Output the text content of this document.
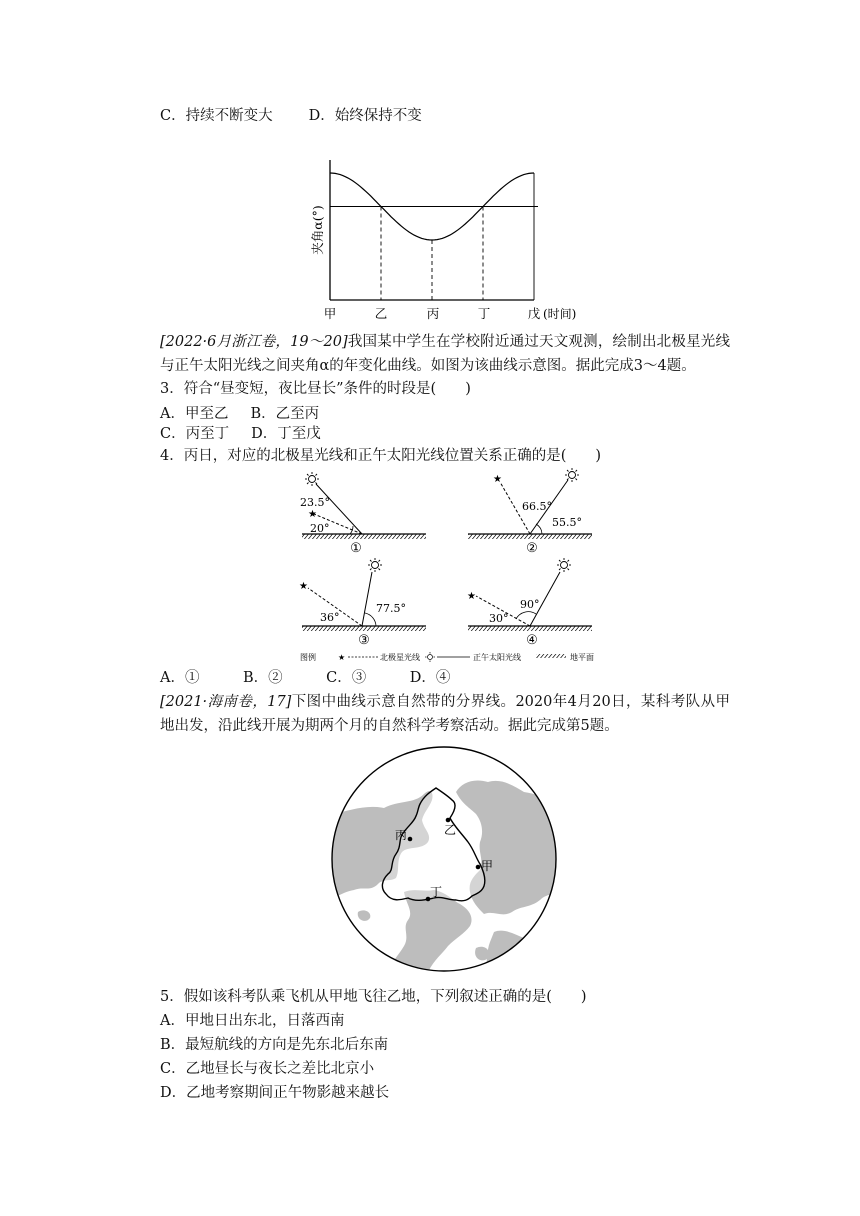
C．持续不断变大 D．始终保持不变
夹角α(°)
甲	乙	丙	丁	戊 (时间)
[2022·6月浙江卷，19～20]我国某中学生在学校附近通过天文观测，绘制出北极星光线与正午太阳光线之间夹角α的年变化曲线。如图为该曲线示意图。据此完成3～4题。
3．符合“昼变短，夜比昼长”条件的时段是(　　)
A．甲至乙 B．乙至丙
C．丙至丁 D．丁至戊
4．丙日，对应的北极星光线和正午太阳光线位置关系正确的是(　　)
★
23.5°
20°
①
★
66.5°
55.5°
②
★
36°
77.5°
③
★
30°
90°
④
图例	★	北极星光线	正午太阳光线	地平面
A．①　　　B．②　　　C．③　　　D．④
[2021·海南卷，17]下图中曲线示意自然带的分界线。2020年4月20日，某科考队从甲地出发，沿此线开展为期两个月的自然科学考察活动。据此完成第5题。
丙	乙
甲
丁
5．假如该科考队乘飞机从甲地飞往乙地，下列叙述正确的是(　　)
A．甲地日出东北，日落西南
B．最短航线的方向是先东北后东南
C．乙地昼长与夜长之差比北京小
D．乙地考察期间正午物影越来越长
